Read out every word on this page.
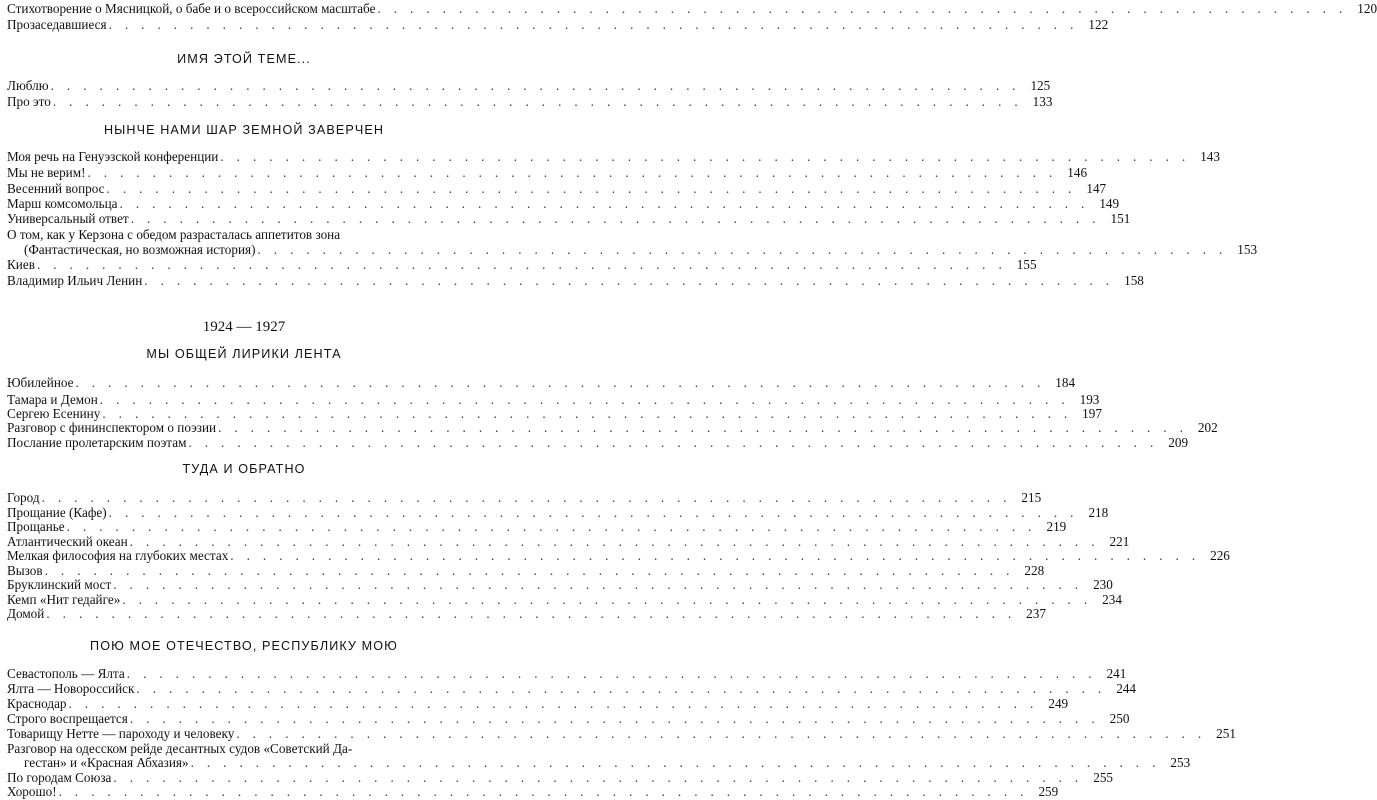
Стихотворение о Мясницкой, о бабе и о всероссийском масштабе ............................................................ 120
Прозаседавшиеся ............................................................ 122
ИМЯ ЭТОЙ ТЕМЕ...
Люблю ............................................................ 125
Про это ............................................................ 133
НЫНЧЕ НАМИ ШАР ЗЕМНОЙ ЗАВЕРЧЕН
Моя речь на Генуэзской конференции ............................................................ 143
Мы не верим! ............................................................ 146
Весенний вопрос ............................................................ 147
Марш комсомольца ............................................................ 149
Универсальный ответ ............................................................ 151
О том, как у Керзона с обедом разрасталась аппетитов зона
(Фантастическая, но возможная история) ............................................................ 153
Киев ............................................................ 155
Владимир Ильич Ленин ............................................................ 158
1924 — 1927
МЫ ОБЩЕЙ ЛИРИКИ ЛЕНТА
Юбилейное ............................................................ 184
Тамара и Демон ............................................................ 193
Сергею Есенину ............................................................ 197
Разговор с фининспектором о поэзии ............................................................ 202
Послание пролетарским поэтам ............................................................ 209
ТУДА И ОБРАТНО
Город ............................................................ 215
Прощание (Кафе) ............................................................ 218
Прощанье ............................................................ 219
Атлантический океан ............................................................ 221
Мелкая философия на глубоких местах ............................................................ 226
Вызов ............................................................ 228
Бруклинский мост ............................................................ 230
Кемп «Нит гедайге» ............................................................ 234
Домой ............................................................ 237
ПОЮ МОЕ ОТЕЧЕСТВО, РЕСПУБЛИКУ МОЮ
Севастополь — Ялта ............................................................ 241
Ялта — Новороссийск ............................................................ 244
Краснодар ............................................................ 249
Строго воспрещается ............................................................ 250
Товарищу Нетте — пароходу и человеку ............................................................ 251
Разговор на одесском рейде десантных судов «Советский Да-
гестан» и «Красная Абхазия» ............................................................ 253
По городам Союза ............................................................ 255
Хорошо! ............................................................ 259
